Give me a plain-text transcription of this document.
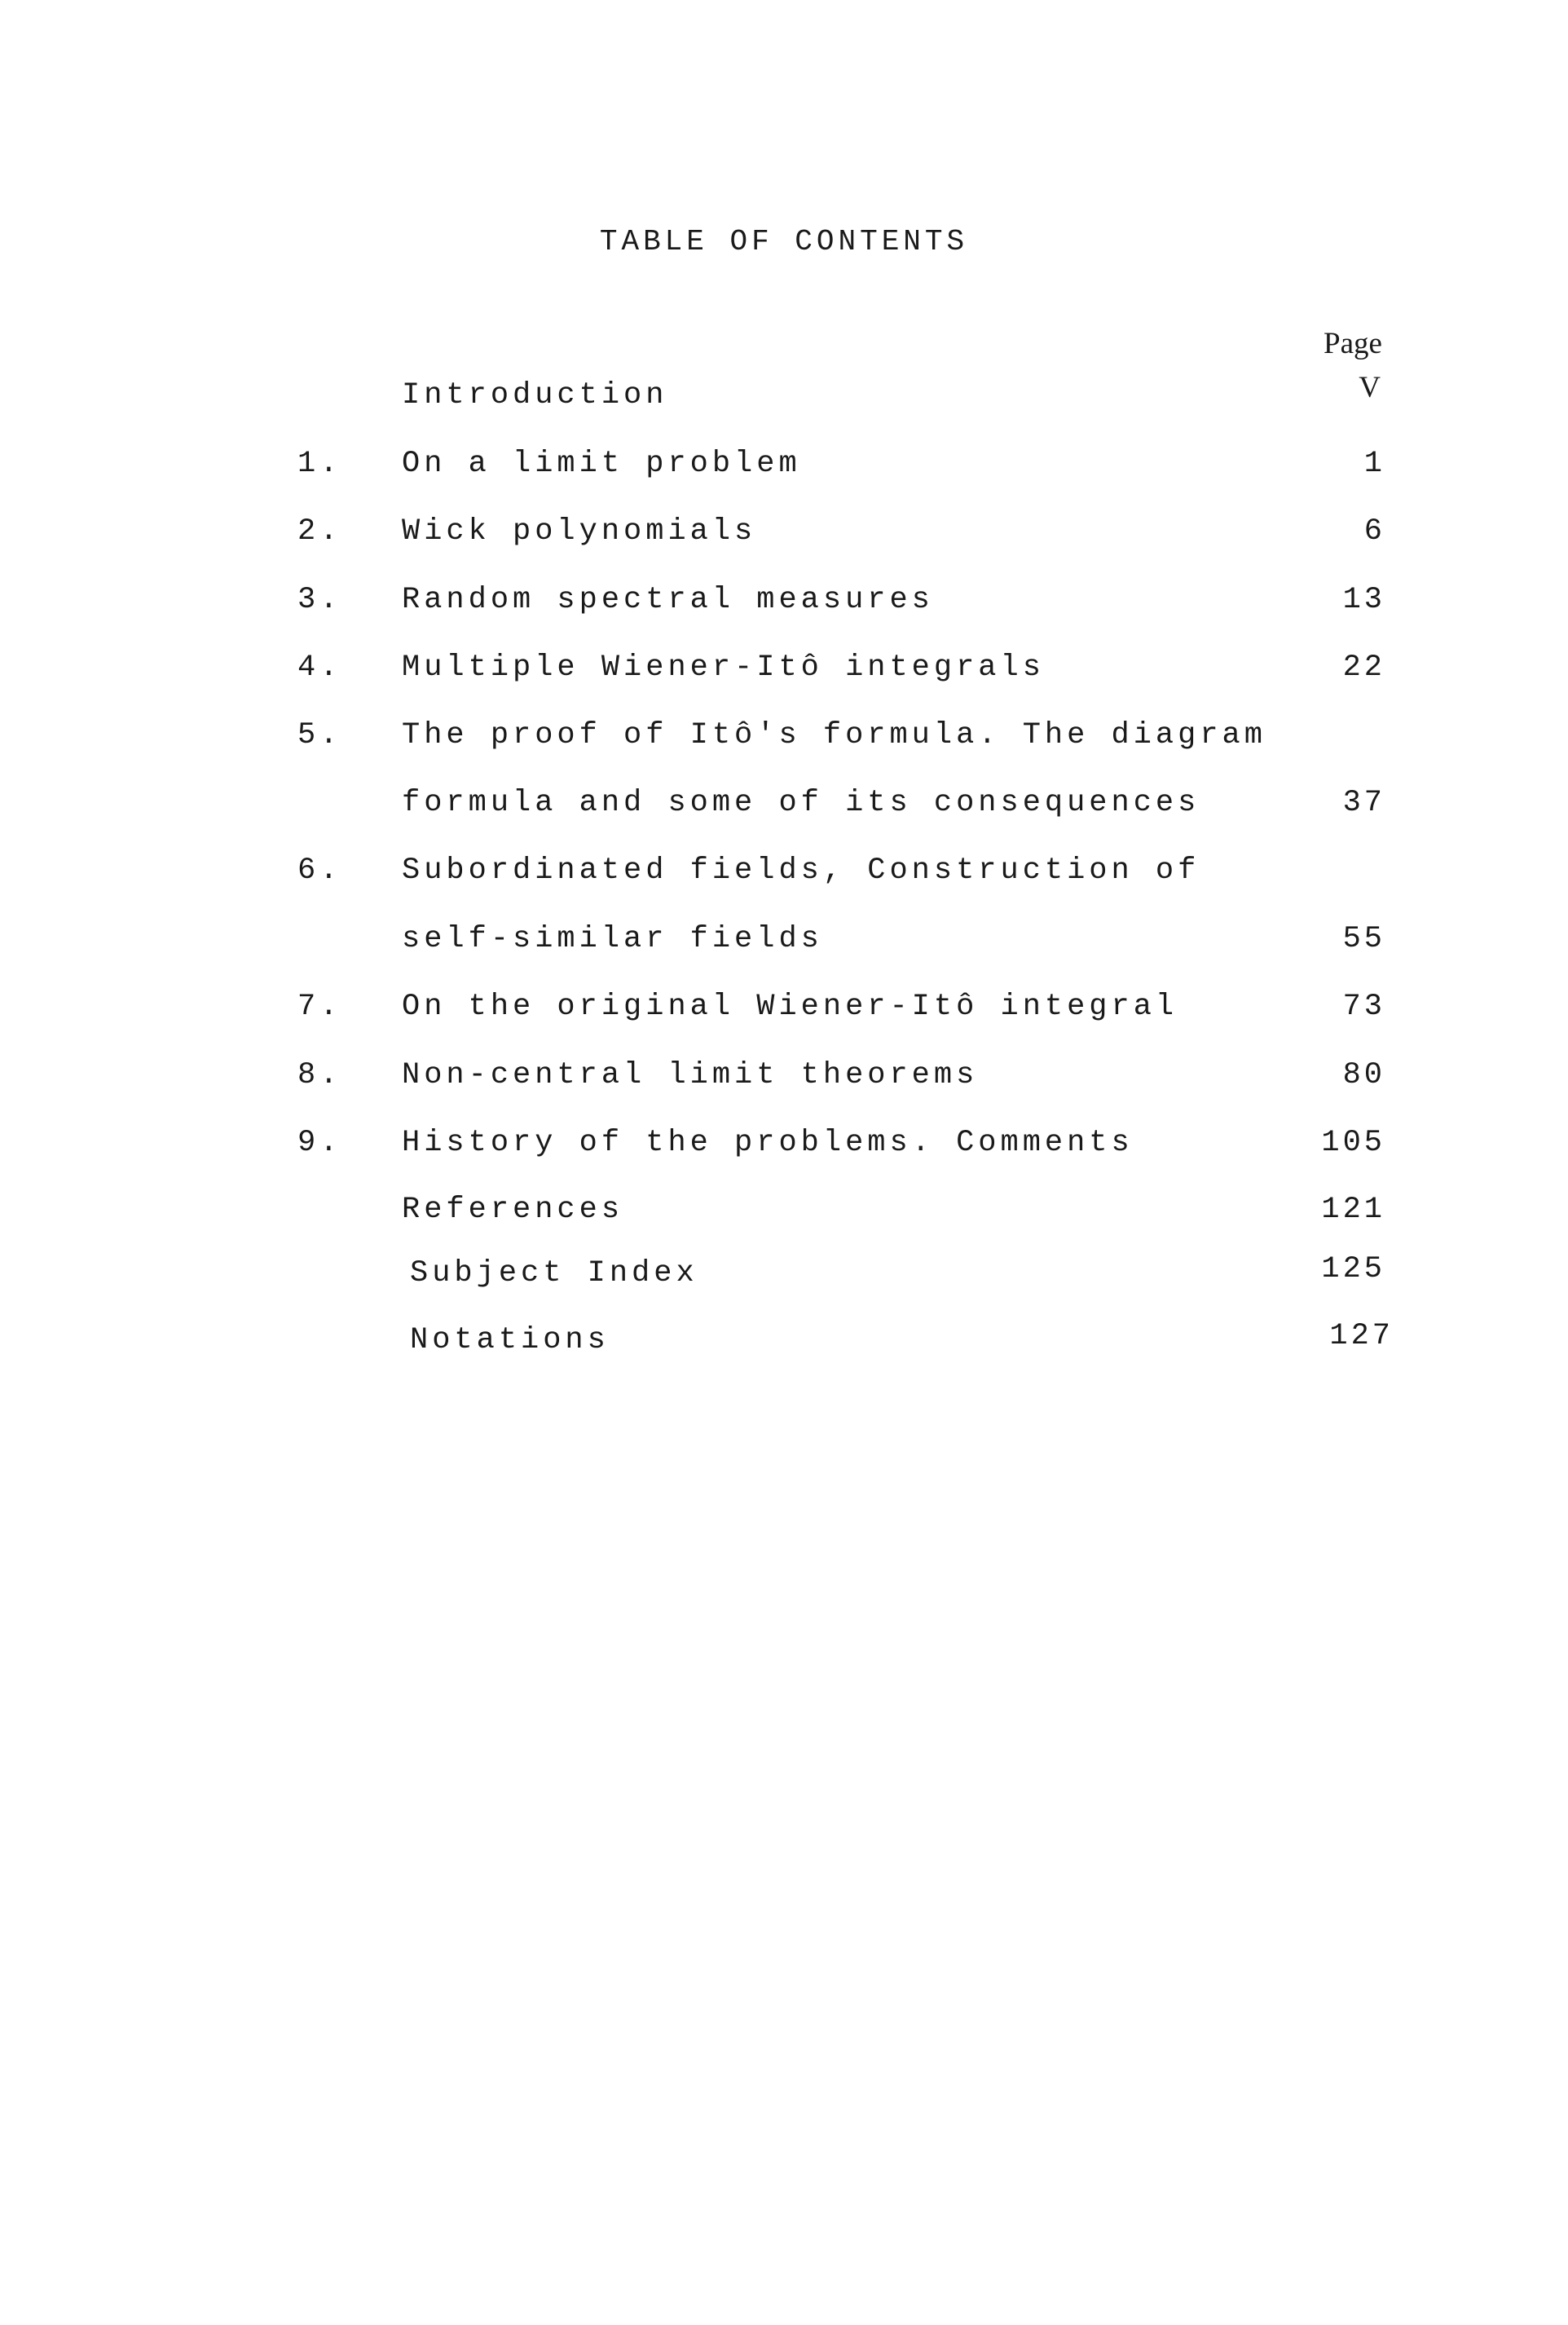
TABLE OF CONTENTS
Page
Introduction	V
1.	On a limit problem	1
2.	Wick polynomials	6
3.	Random spectral measures	13
4.	Multiple Wiener-Itô integrals	22
5.	The proof of Itô's formula. The diagram
formula and some of its consequences	37
6.	Subordinated fields, Construction of
self-similar fields	55
7.	On the original Wiener-Itô integral	73
8.	Non-central limit theorems	80
9.	History of the problems. Comments	105
References	121
Subject Index	125
Notations	127
